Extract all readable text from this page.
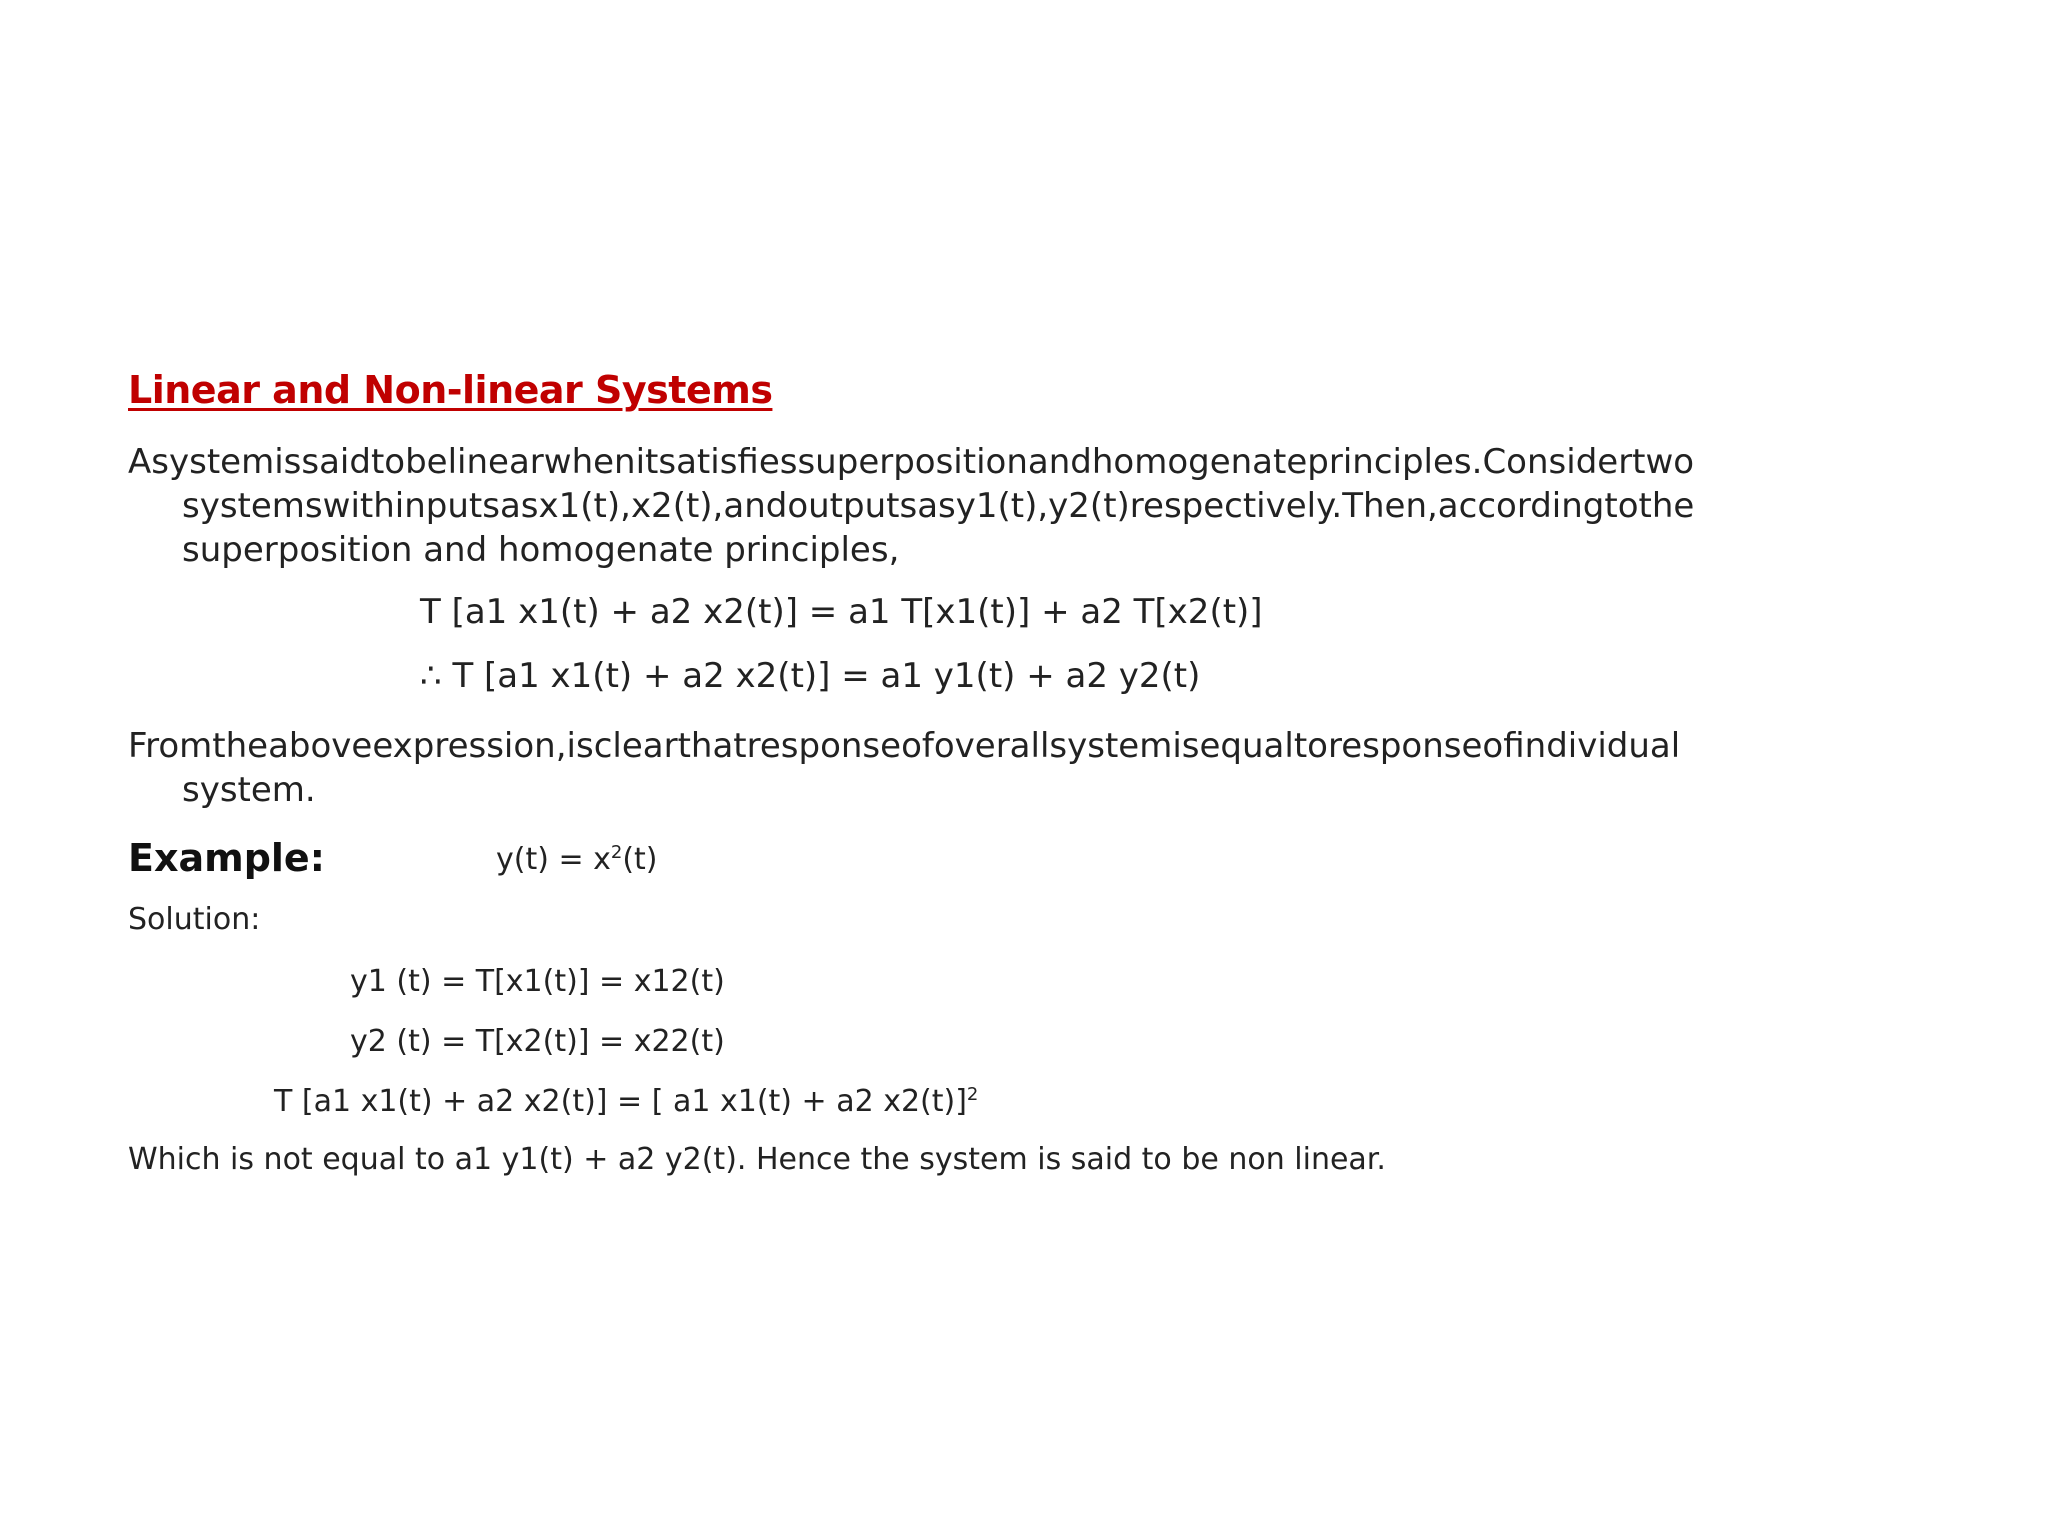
Linear and Non-linear Systems
Asystemissaidtobelinearwhenitsatisfiessuperpositionandhomogenateprinciples.Considertwo
systemswithinputsasx1(t),x2(t),andoutputsasy1(t),y2(t)respectively.Then,accordingtothe
superposition and homogenate principles,
T [a1 x1(t) + a2 x2(t)] = a1 T[x1(t)] + a2 T[x2(t)]
∴ T [a1 x1(t) + a2 x2(t)] = a1 y1(t) + a2 y2(t)
Fromtheaboveexpression,isclearthatresponseofoverallsystemisequaltoresponseofindividual
system.
Example:	$y(t) = x^2(t)$
Solution:
y1 (t) = T[x1(t)] = x12(t)
y2 (t) = T[x2(t)] = x22(t)
T [a1 x1(t) + a2 x2(t)] = [ a1 x1(t) + a2 x2(t)]$^2$
Which is not equal to a1 y1(t) + a2 y2(t). Hence the system is said to be non linear.
